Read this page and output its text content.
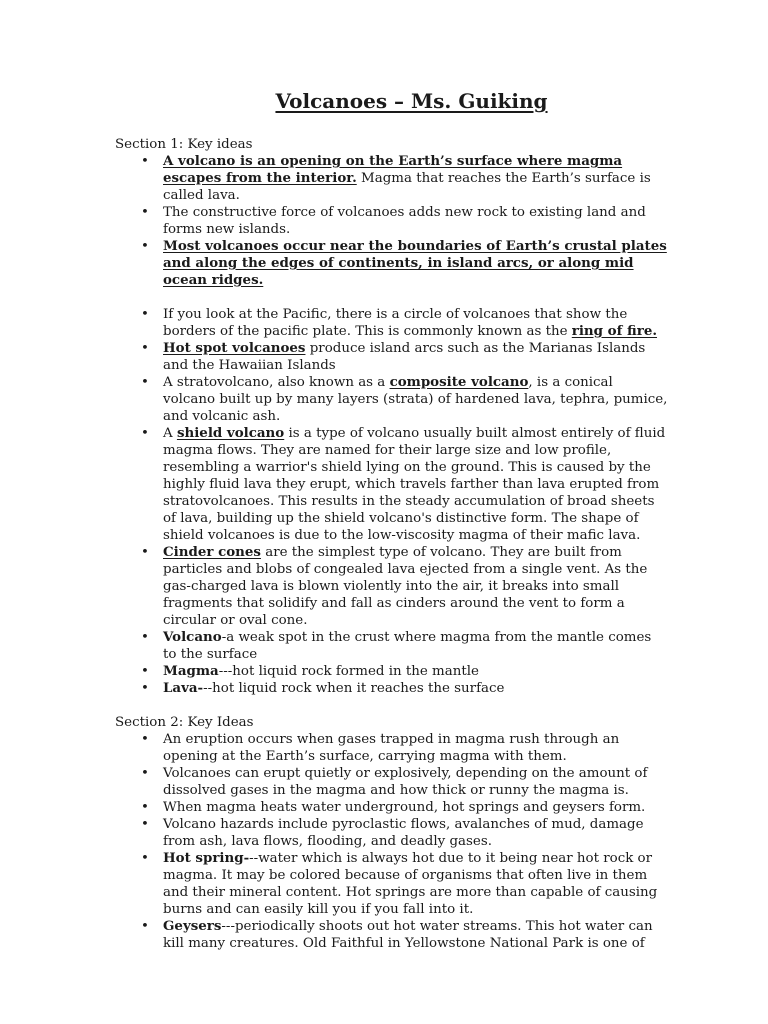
Volcanoes – Ms. Guiking
Section 1: Key ideas
• A volcano is an opening on the Earth’s surface where magma escapes from the interior. Magma that reaches the Earth’s surface is called lava.
• The constructive force of volcanoes adds new rock to existing land and forms new islands.
• Most volcanoes occur near the boundaries of Earth’s crustal plates and along the edges of continents, in island arcs, or along mid ocean ridges.
• If you look at the Pacific, there is a circle of volcanoes that show the borders of the pacific plate. This is commonly known as the ring of fire.
• Hot spot volcanoes produce island arcs such as the Marianas Islands and the Hawaiian Islands
• A stratovolcano, also known as a composite volcano, is a conical volcano built up by many layers (strata) of hardened lava, tephra, pumice, and volcanic ash.
• A shield volcano is a type of volcano usually built almost entirely of fluid magma flows. They are named for their large size and low profile, resembling a warrior's shield lying on the ground. This is caused by the highly fluid lava they erupt, which travels farther than lava erupted from stratovolcanoes. This results in the steady accumulation of broad sheets of lava, building up the shield volcano's distinctive form. The shape of shield volcanoes is due to the low-viscosity magma of their mafic lava.
• Cinder cones are the simplest type of volcano. They are built from particles and blobs of congealed lava ejected from a single vent. As the gas-charged lava is blown violently into the air, it breaks into small fragments that solidify and fall as cinders around the vent to form a circular or oval cone.
• Volcano-a weak spot in the crust where magma from the mantle comes to the surface
• Magma---hot liquid rock formed in the mantle
• Lava---hot liquid rock when it reaches the surface
Section 2: Key Ideas
• An eruption occurs when gases trapped in magma rush through an opening at the Earth’s surface, carrying magma with them.
• Volcanoes can erupt quietly or explosively, depending on the amount of dissolved gases in the magma and how thick or runny the magma is.
• When magma heats water underground, hot springs and geysers form.
• Volcano hazards include pyroclastic flows, avalanches of mud, damage from ash, lava flows, flooding, and deadly gases.
• Hot spring---water which is always hot due to it being near hot rock or magma. It may be colored because of organisms that often live in them and their mineral content. Hot springs are more than capable of causing burns and can easily kill you if you fall into it.
• Geysers---periodically shoots out hot water streams. This hot water can kill many creatures. Old Faithful in Yellowstone National Park is one of
